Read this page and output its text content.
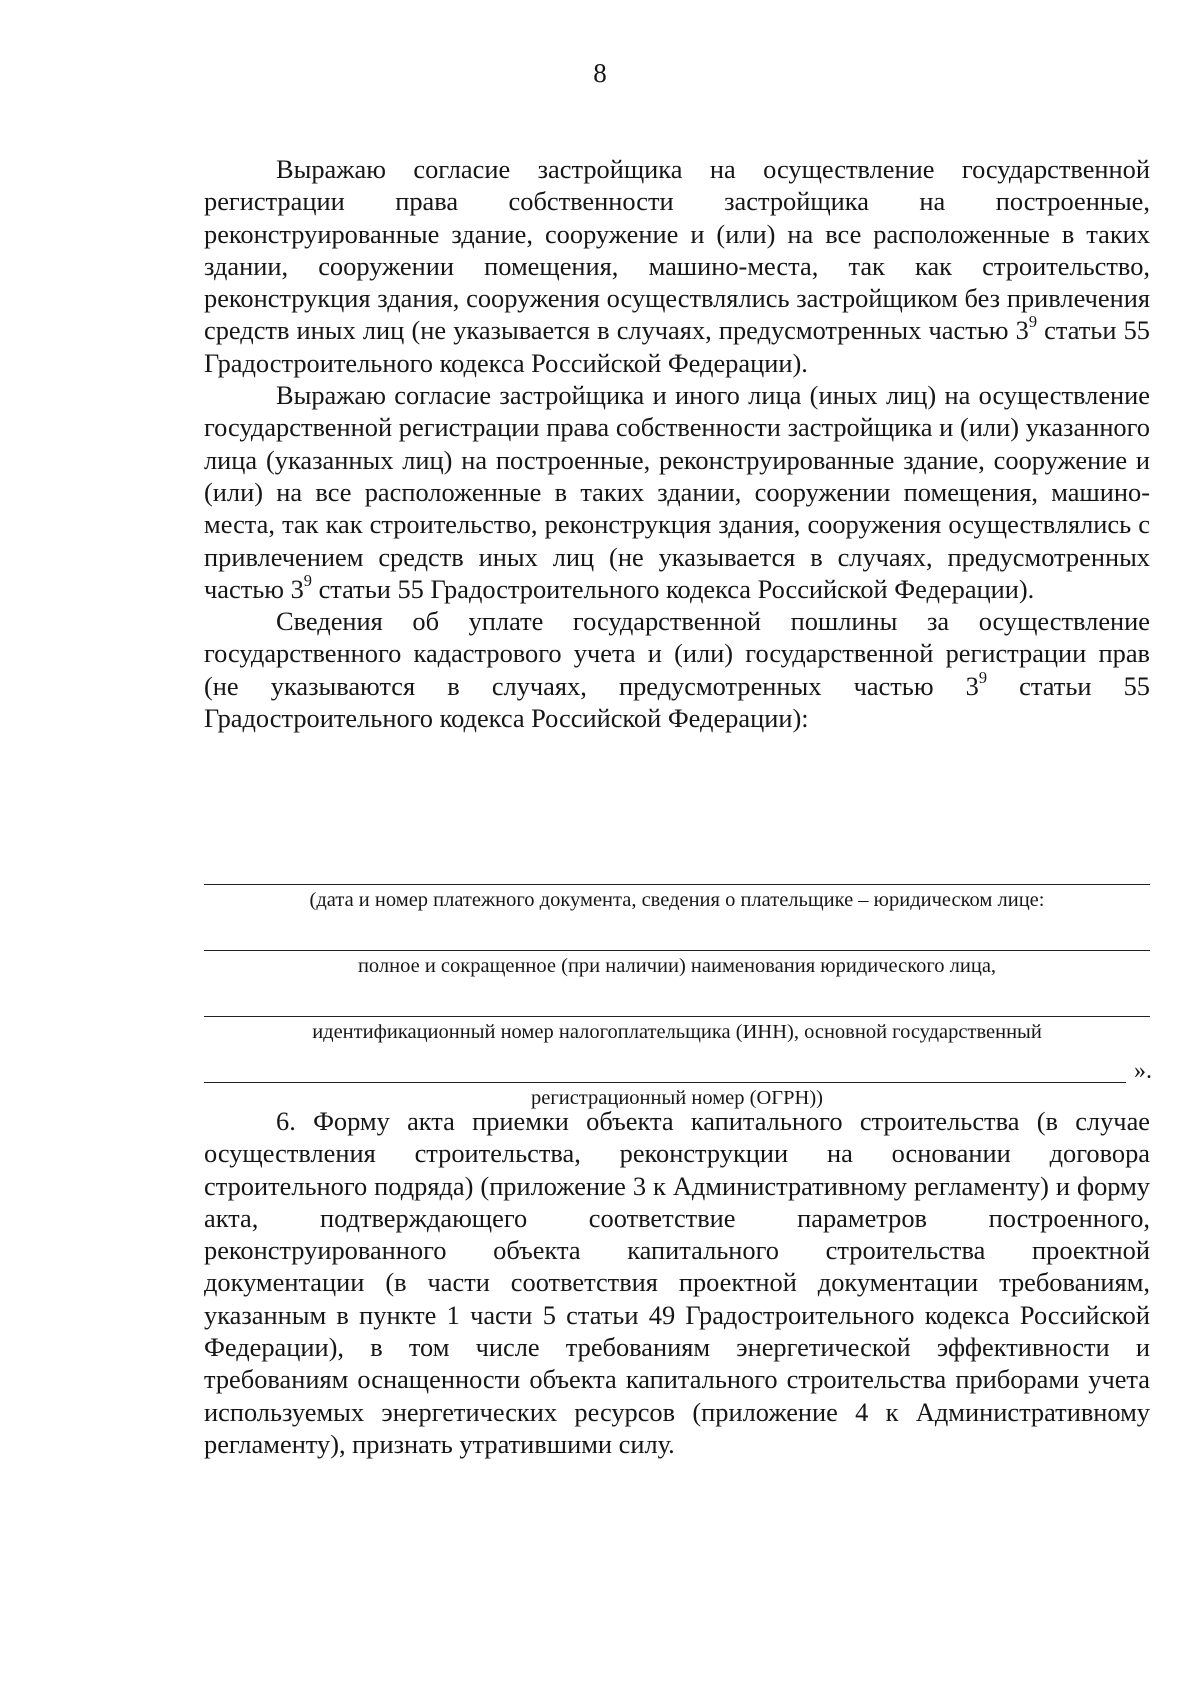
8

Выражаю согласие застройщика на осуществление государственной регистрации права собственности застройщика на построенные, реконструированные здание, сооружение и (или) на все расположенные в таких здании, сооружении помещения, машино-места, так как строительство, реконструкция здания, сооружения осуществлялись застройщиком без привлечения средств иных лиц (не указывается в случаях, предусмотренных частью $3^9$ статьи 55 Градостроительного кодекса Российской Федерации).

Выражаю согласие застройщика и иного лица (иных лиц) на осуществление государственной регистрации права собственности застройщика и (или) указанного лица (указанных лиц) на построенные, реконструированные здание, сооружение и (или) на все расположенные в таких здании, сооружении помещения, машино-места, так как строительство, реконструкция здания, сооружения осуществлялись с привлечением средств иных лиц (не указывается в случаях, предусмотренных частью $3^9$ статьи 55 Градостроительного кодекса Российской Федерации).

Сведения об уплате государственной пошлины за осуществление государственного кадастрового учета и (или) государственной регистрации прав (не указываются в случаях, предусмотренных частью $3^9$ статьи 55 Градостроительного кодекса Российской Федерации):

(дата и номер платежного документа, сведения о плательщике – юридическом лице:
полное и сокращенное (при наличии) наименования юридического лица,
идентификационный номер налогоплательщика (ИНН), основной государственный
».
регистрационный номер (ОГРН))

6. Форму акта приемки объекта капитального строительства (в случае осуществления строительства, реконструкции на основании договора строительного подряда) (приложение 3 к Административному регламенту) и форму акта, подтверждающего соответствие параметров построенного, реконструированного объекта капитального строительства проектной документации (в части соответствия проектной документации требованиям, указанным в пункте 1 части 5 статьи 49 Градостроительного кодекса Российской Федерации), в том числе требованиям энергетической эффективности и требованиям оснащенности объекта капитального строительства приборами учета используемых энергетических ресурсов (приложение 4 к Административному регламенту), признать утратившими силу.
